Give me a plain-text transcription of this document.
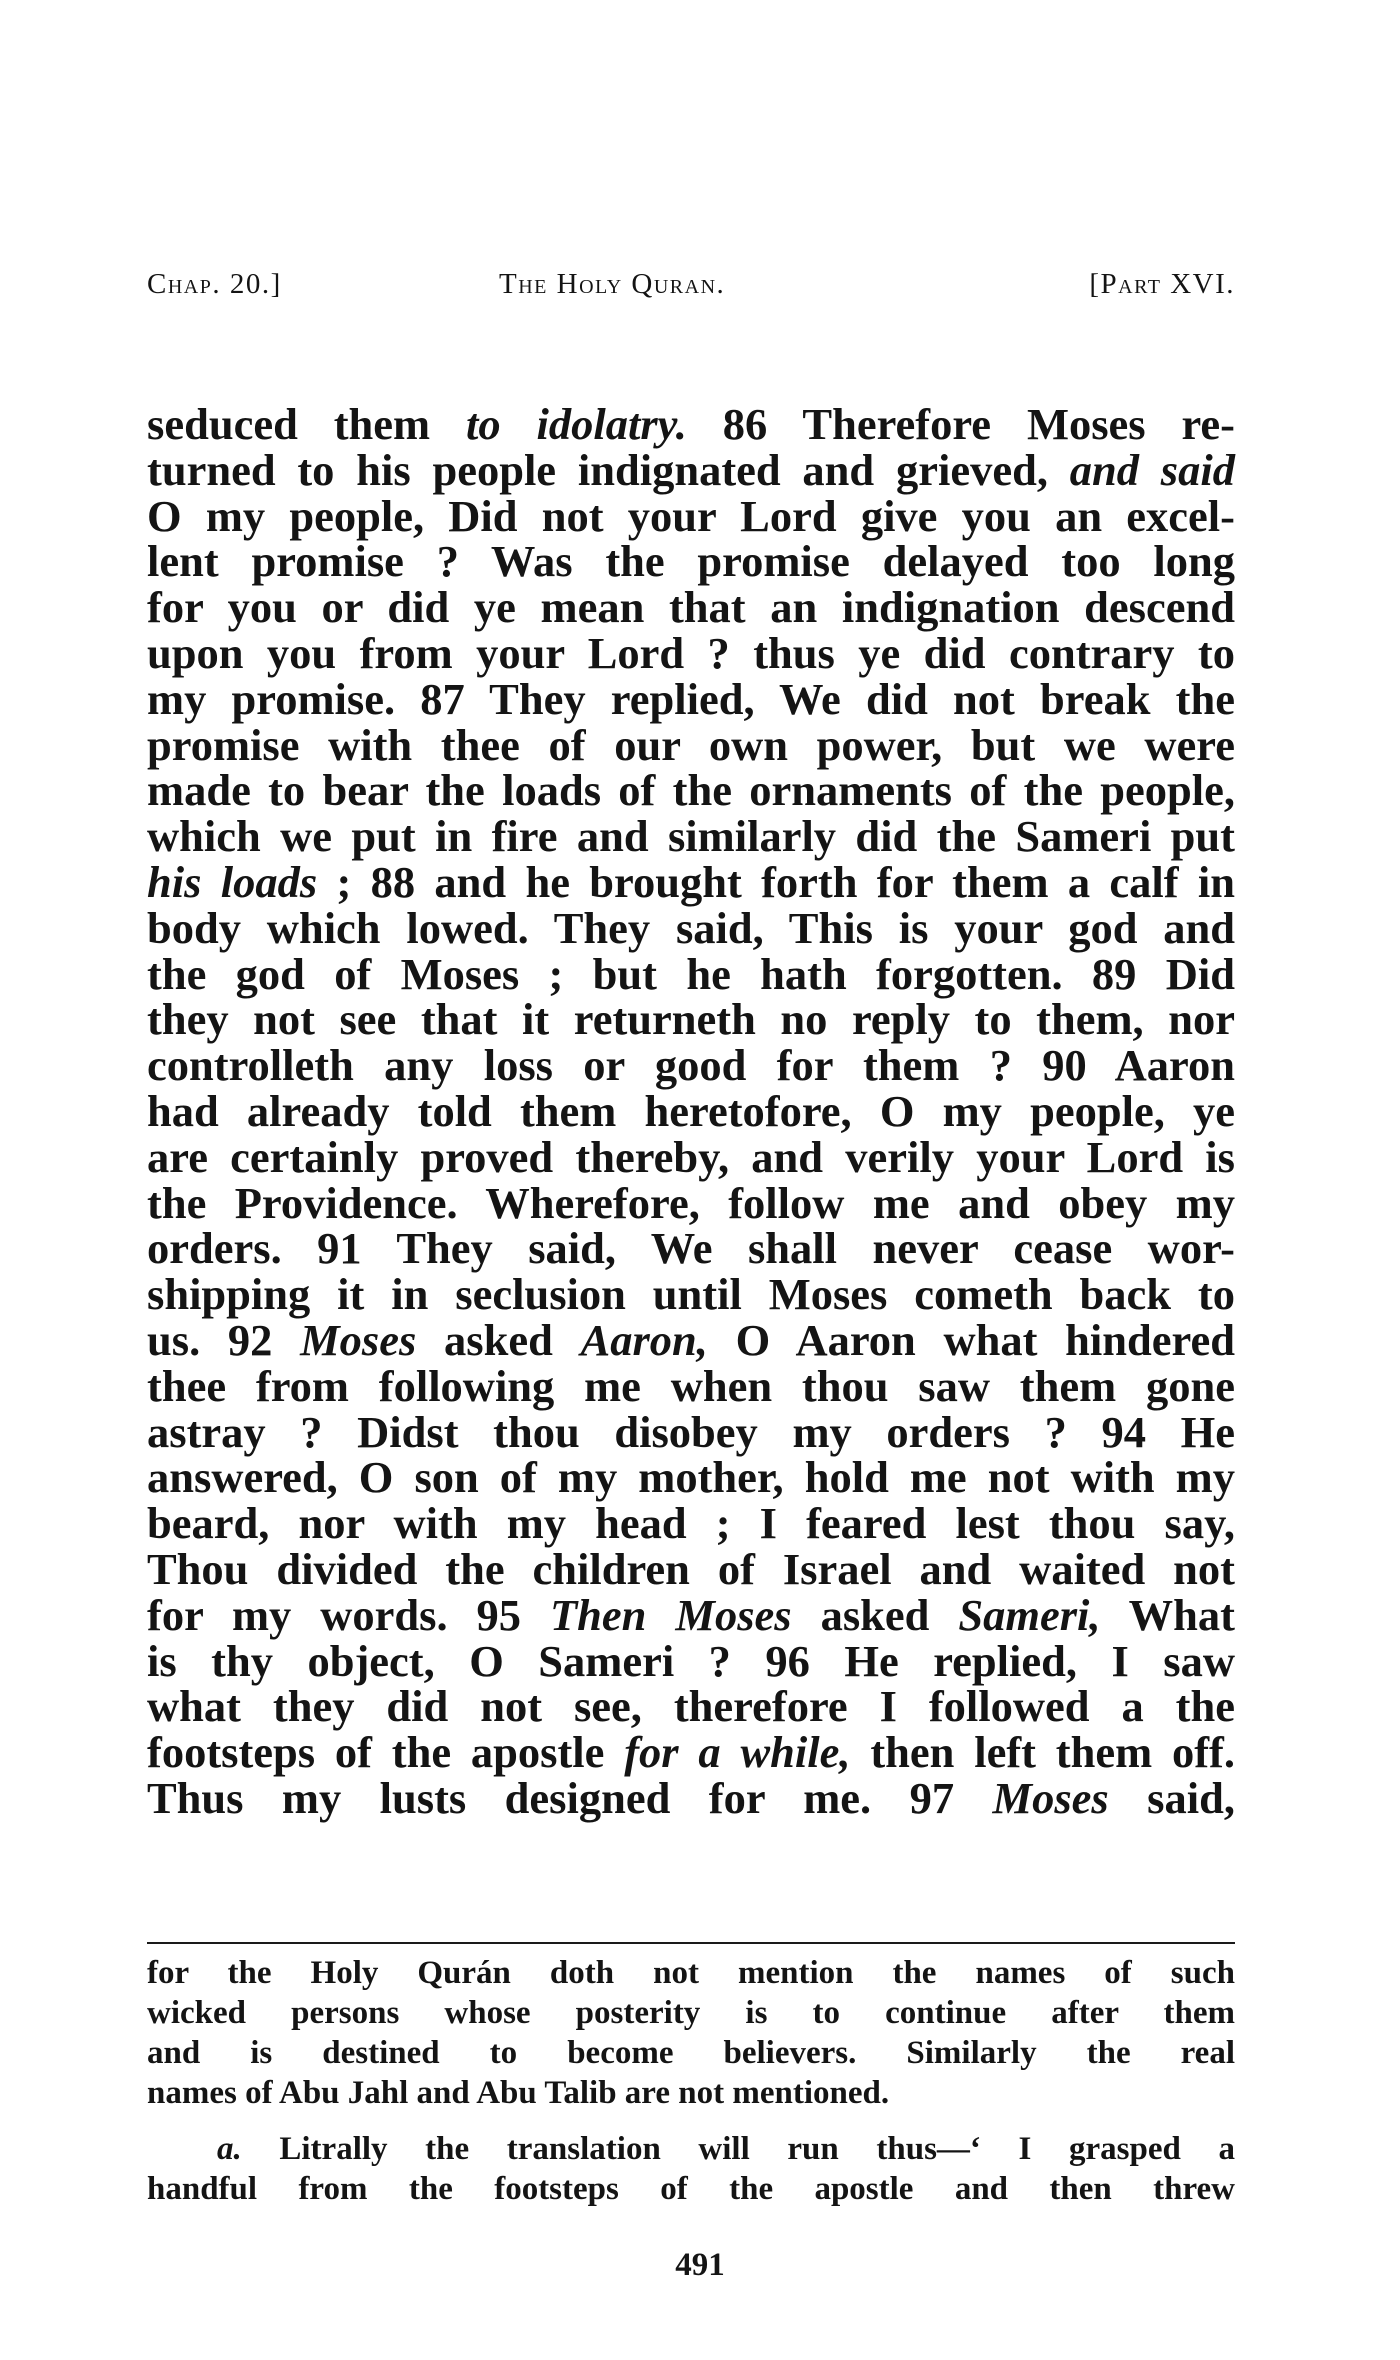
Chap. 20.]	The Holy Quran.	[Part XVI.
seduced them to idolatry. 86 Therefore Moses re-
turned to his people indignated and grieved, and said
O my people, Did not your Lord give you an excel-
lent promise ? Was the promise delayed too long
for you or did ye mean that an indignation descend
upon you from your Lord ? thus ye did contrary to
my promise. 87 They replied, We did not break the
promise with thee of our own power, but we were
made to bear the loads of the ornaments of the people,
which we put in fire and similarly did the Sameri put
his loads ; 88 and he brought forth for them a calf in
body which lowed. They said, This is your god and
the god of Moses ; but he hath forgotten. 89 Did
they not see that it returneth no reply to them, nor
controlleth any loss or good for them ? 90 Aaron
had already told them heretofore, O my people, ye
are certainly proved thereby, and verily your Lord is
the Providence. Wherefore, follow me and obey my
orders. 91 They said, We shall never cease wor-
shipping it in seclusion until Moses cometh back to
us. 92 Moses asked Aaron, O Aaron what hindered
thee from following me when thou saw them gone
astray ? Didst thou disobey my orders ? 94 He
answered, O son of my mother, hold me not with my
beard, nor with my head ; I feared lest thou say,
Thou divided the children of Israel and waited not
for my words. 95 Then Moses asked Sameri, What
is thy object, O Sameri ? 96 He replied, I saw
what they did not see, therefore I followed a the
footsteps of the apostle for a while, then left them off.
Thus my lusts designed for me. 97 Moses said,
for the Holy Qurán doth not mention the names of such
wicked persons whose posterity is to continue after them
and is destined to become believers. Similarly the real
names of Abu Jahl and Abu Talib are not mentioned.
a. Litrally the translation will run thus—‘ I grasped a
handful from the footsteps of the apostle and then threw
491
